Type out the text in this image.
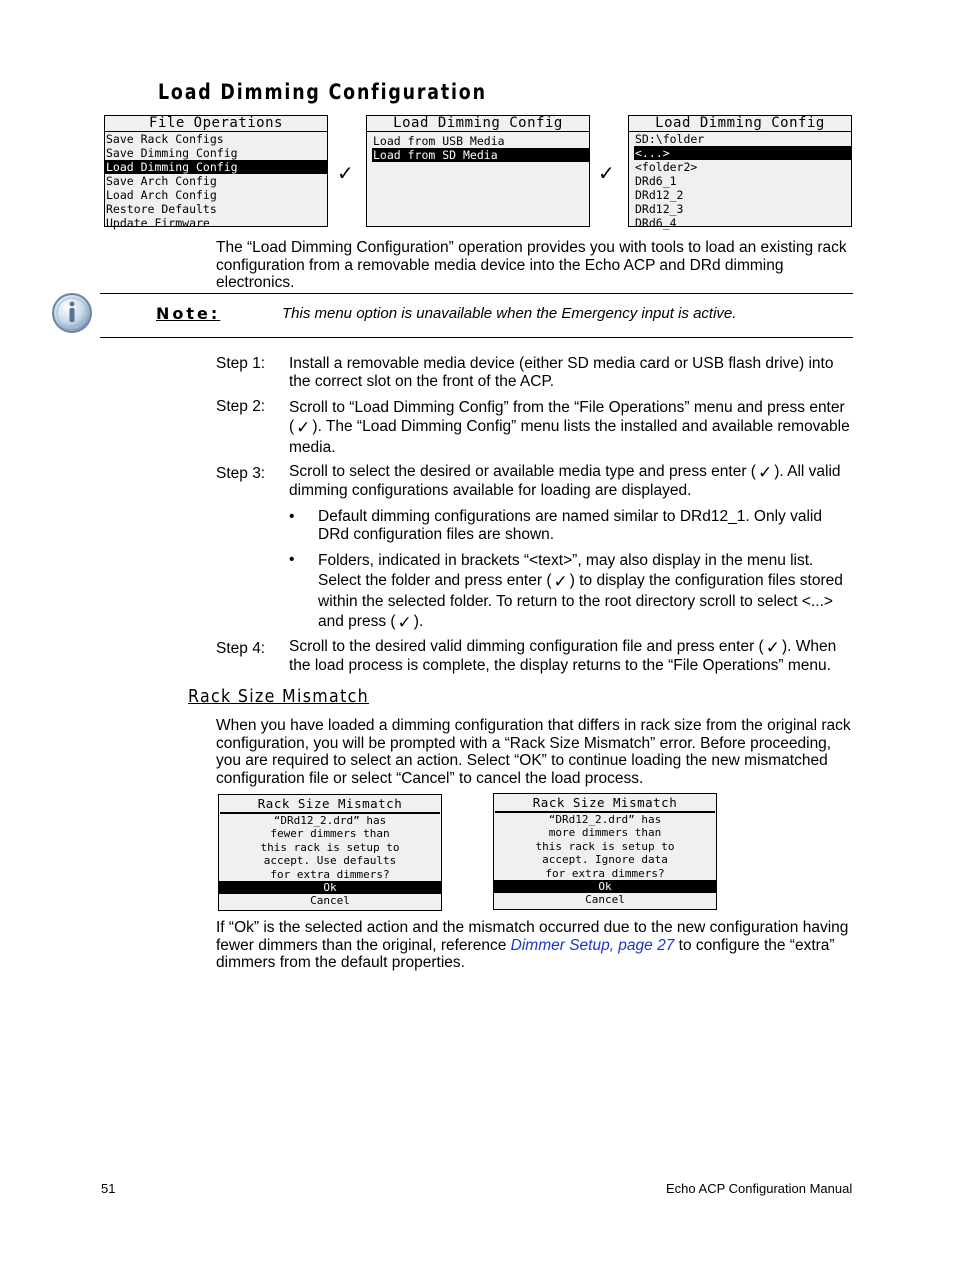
Load Dimming Configuration
File Operations
Save Rack Configs
Save Dimming Config
Load Dimming Config
Save Arch Config
Load Arch Config
Restore Defaults
Update Firmware
✓
Load Dimming Config
Load from USB Media
Load from SD Media
✓
Load Dimming Config
SD:\folder
<...>
<folder2>
DRd6_1
DRd12_2
DRd12_3
DRd6_4
The “Load Dimming Configuration” operation provides you with tools to load an existing rack configuration from a removable media device into the Echo ACP and DRd dimming electronics.
Note:	This menu option is unavailable when the Emergency input is active.
Step 1: Install a removable media device (either SD media card or USB flash drive) into the correct slot on the front of the ACP.
Step 2: Scroll to “Load Dimming Config” from the “File Operations” menu and press enter ( ✓ ). The “Load Dimming Config” menu lists the installed and available removable media.
Step 3: Scroll to select the desired or available media type and press enter ( ✓ ). All valid dimming configurations available for loading are displayed.
• Default dimming configurations are named similar to DRd12_1. Only valid DRd configuration files are shown.
• Folders, indicated in brackets “<text>”, may also display in the menu list. Select the folder and press enter ( ✓ ) to display the configuration files stored within the selected folder. To return to the root directory scroll to select <...> and press ( ✓ ).
Step 4: Scroll to the desired valid dimming configuration file and press enter ( ✓ ). When the load process is complete, the display returns to the “File Operations” menu.
Rack Size Mismatch
When you have loaded a dimming configuration that differs in rack size from the original rack configuration, you will be prompted with a “Rack Size Mismatch” error. Before proceeding, you are required to select an action. Select “OK” to continue loading the new mismatched configuration file or select “Cancel” to cancel the load process.
Rack Size Mismatch
“DRd12_2.drd” has
fewer dimmers than
this rack is setup to
accept. Use defaults
for extra dimmers?
Ok
Cancel
Rack Size Mismatch
“DRd12_2.drd” has
more dimmers than
this rack is setup to
accept. Ignore data
for extra dimmers?
Ok
Cancel
If “Ok” is the selected action and the mismatch occurred due to the new configuration having fewer dimmers than the original, reference Dimmer Setup, page 27 to configure the “extra” dimmers from the default properties.
51	Echo ACP Configuration Manual
